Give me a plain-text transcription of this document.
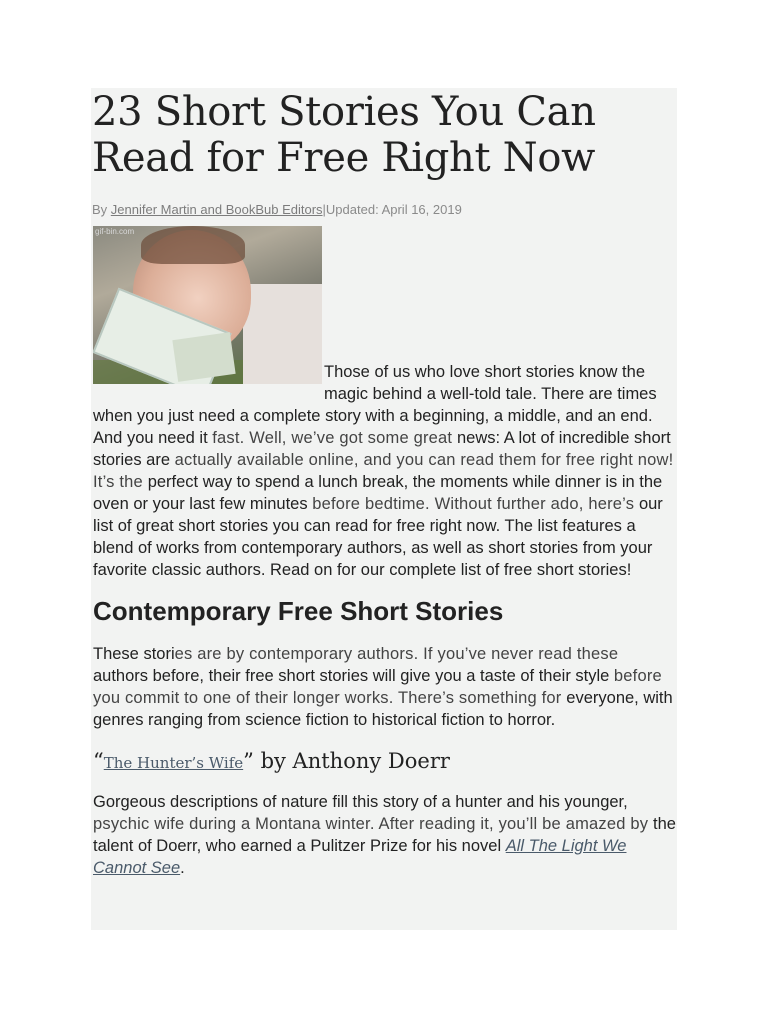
23 Short Stories You Can Read for Free Right Now
By Jennifer Martin and BookBub Editors|Updated: April 16, 2019
gif-bin.com
Those of us who love short stories know the magic behind a well-told tale. There are times when you just need a complete story with a beginning, a middle, and an end. And you need it fast. Well, we’ve got some great news: A lot of incredible short stories are actually available online, and you can read them for free right now! It’s the perfect way to spend a lunch break, the moments while dinner is in the oven or your last few minutes before bedtime. Without further ado, here’s our list of great short stories you can read for free right now. The list features a blend of works from contemporary authors, as well as short stories from your favorite classic authors. Read on for our complete list of free short stories!
Contemporary Free Short Stories
These stories are by contemporary authors. If you’ve never read these authors before, their free short stories will give you a taste of their style before you commit to one of their longer works. There’s something for everyone, with genres ranging from science fiction to historical fiction to horror.
“The Hunter’s Wife” by Anthony Doerr
Gorgeous descriptions of nature fill this story of a hunter and his younger, psychic wife during a Montana winter. After reading it, you’ll be amazed by the talent of Doerr, who earned a Pulitzer Prize for his novel All The Light We Cannot See.
